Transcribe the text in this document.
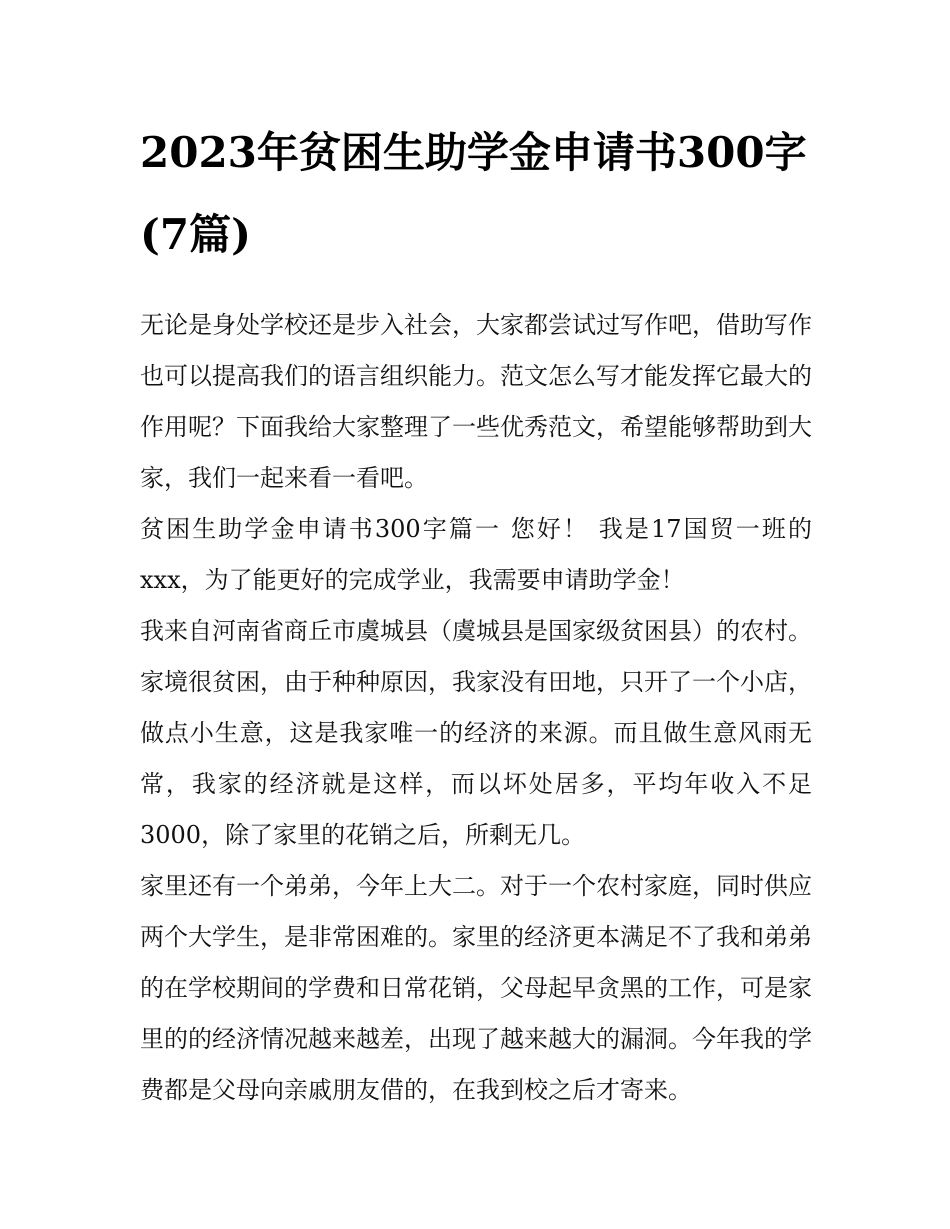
2023年贫困生助学金申请书300字(7篇)

无论是身处学校还是步入社会，大家都尝试过写作吧，借助写作也可以提高我们的语言组织能力。范文怎么写才能发挥它最大的作用呢？下面我给大家整理了一些优秀范文，希望能够帮助到大家，我们一起来看一看吧。

贫困生助学金申请书300字篇一 您好！ 我是17国贸一班的xxx，为了能更好的完成学业，我需要申请助学金！

我来自河南省商丘市虞城县（虞城县是国家级贫困县）的农村。家境很贫困，由于种种原因，我家没有田地，只开了一个小店，做点小生意，这是我家唯一的经济的来源。而且做生意风雨无常，我家的经济就是这样，而以坏处居多，平均年收入不足3000，除了家里的花销之后，所剩无几。

家里还有一个弟弟，今年上大二。对于一个农村家庭，同时供应两个大学生，是非常困难的。家里的经济更本满足不了我和弟弟的在学校期间的学费和日常花销，父母起早贪黑的工作，可是家里的的经济情况越来越差，出现了越来越大的漏洞。今年我的学费都是父母向亲戚朋友借的，在我到校之后才寄来。
